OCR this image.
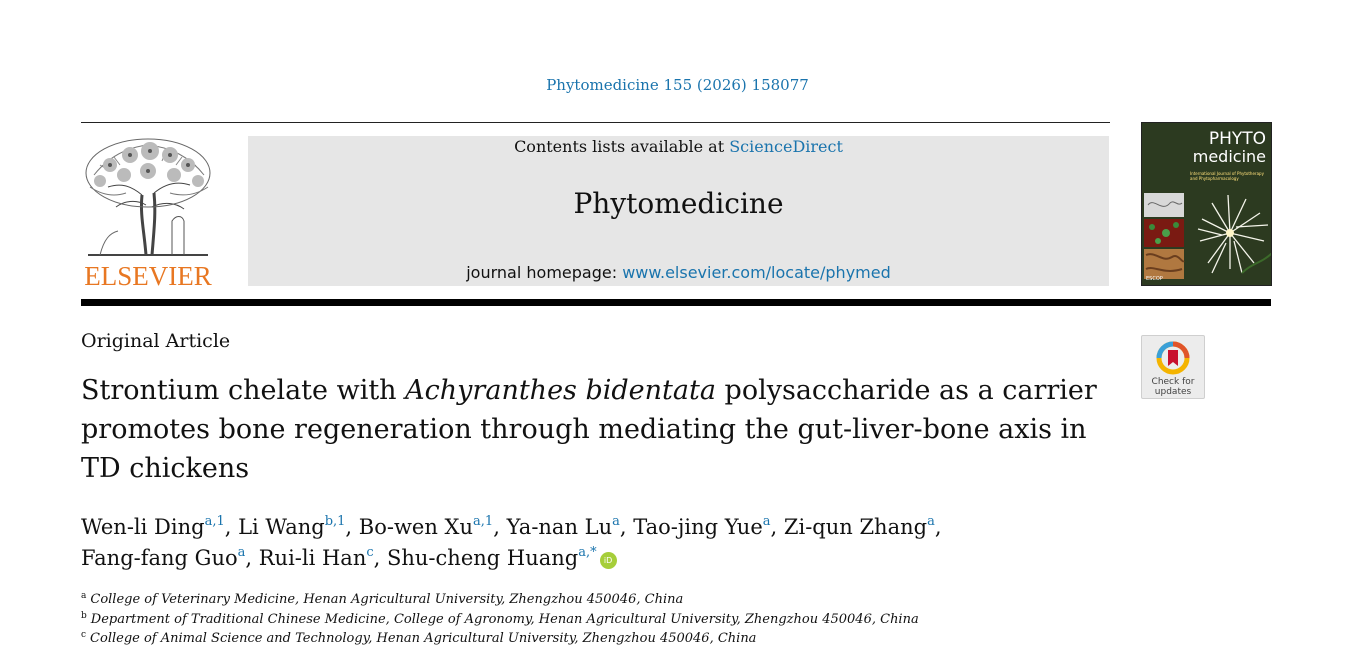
Phytomedicine 155 (2026) 158077
ELSEVIER
Contents lists available at ScienceDirect
Phytomedicine
journal homepage: www.elsevier.com/locate/phymed
PHYTO
medicine
International Journal of Phytotherapy and Phytopharmacology
ESCOP
Original Article
Check for
updates
Strontium chelate with Achyranthes bidentata polysaccharide as a carrier promotes bone regeneration through mediating the gut-liver-bone axis in TD chickens
Wen-li Ding$^{a,1}$, Li Wang$^{b,1}$, Bo-wen Xu$^{a,1}$, Ya-nan Lu$^a$, Tao-jing Yue$^a$, Zi-qun Zhang$^a$,
Fang-fang Guo$^a$, Rui-li Han$^c$, Shu-cheng Huang$^{a,*}$iD
$^a$ College of Veterinary Medicine, Henan Agricultural University, Zhengzhou 450046, China
$^b$ Department of Traditional Chinese Medicine, College of Agronomy, Henan Agricultural University, Zhengzhou 450046, China
$^c$ College of Animal Science and Technology, Henan Agricultural University, Zhengzhou 450046, China
